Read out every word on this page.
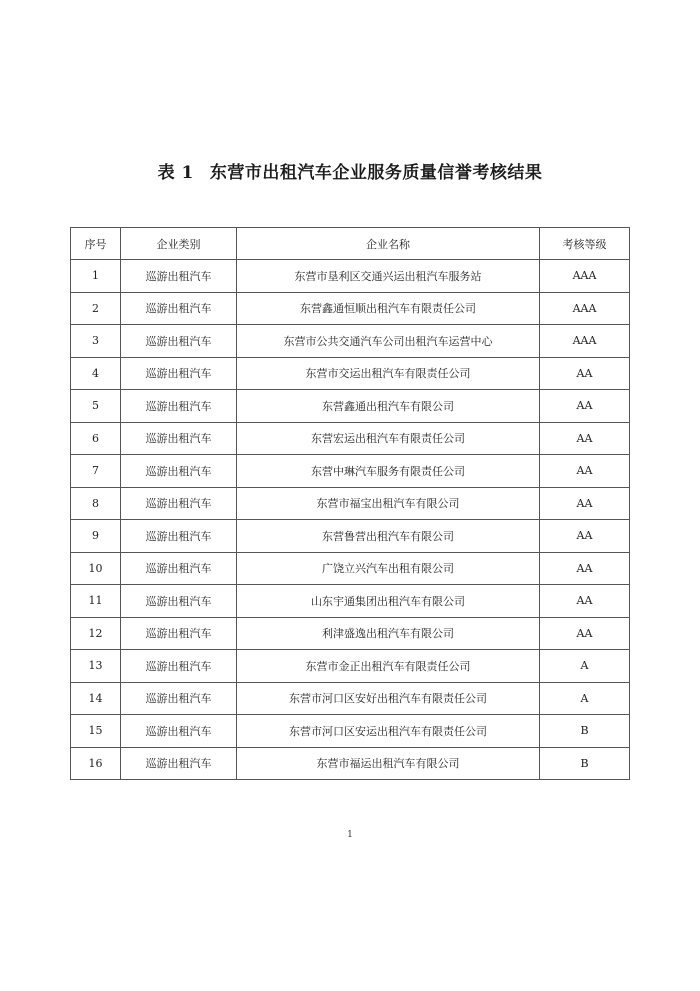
表 1 东营市出租汽车企业服务质量信誉考核结果
序号	企业类别	企业名称	考核等级
1	巡游出租汽车	东营市垦利区交通兴运出租汽车服务站	AAA
2	巡游出租汽车	东营鑫通恒顺出租汽车有限责任公司	AAA
3	巡游出租汽车	东营市公共交通汽车公司出租汽车运营中心	AAA
4	巡游出租汽车	东营市交运出租汽车有限责任公司	AA
5	巡游出租汽车	东营鑫通出租汽车有限公司	AA
6	巡游出租汽车	东营宏运出租汽车有限责任公司	AA
7	巡游出租汽车	东营中琳汽车服务有限责任公司	AA
8	巡游出租汽车	东营市福宝出租汽车有限公司	AA
9	巡游出租汽车	东营鲁营出租汽车有限公司	AA
10	巡游出租汽车	广饶立兴汽车出租有限公司	AA
11	巡游出租汽车	山东宇通集团出租汽车有限公司	AA
12	巡游出租汽车	利津盛逸出租汽车有限公司	AA
13	巡游出租汽车	东营市金正出租汽车有限责任公司	A
14	巡游出租汽车	东营市河口区安好出租汽车有限责任公司	A
15	巡游出租汽车	东营市河口区安运出租汽车有限责任公司	B
16	巡游出租汽车	东营市福运出租汽车有限公司	B
1
